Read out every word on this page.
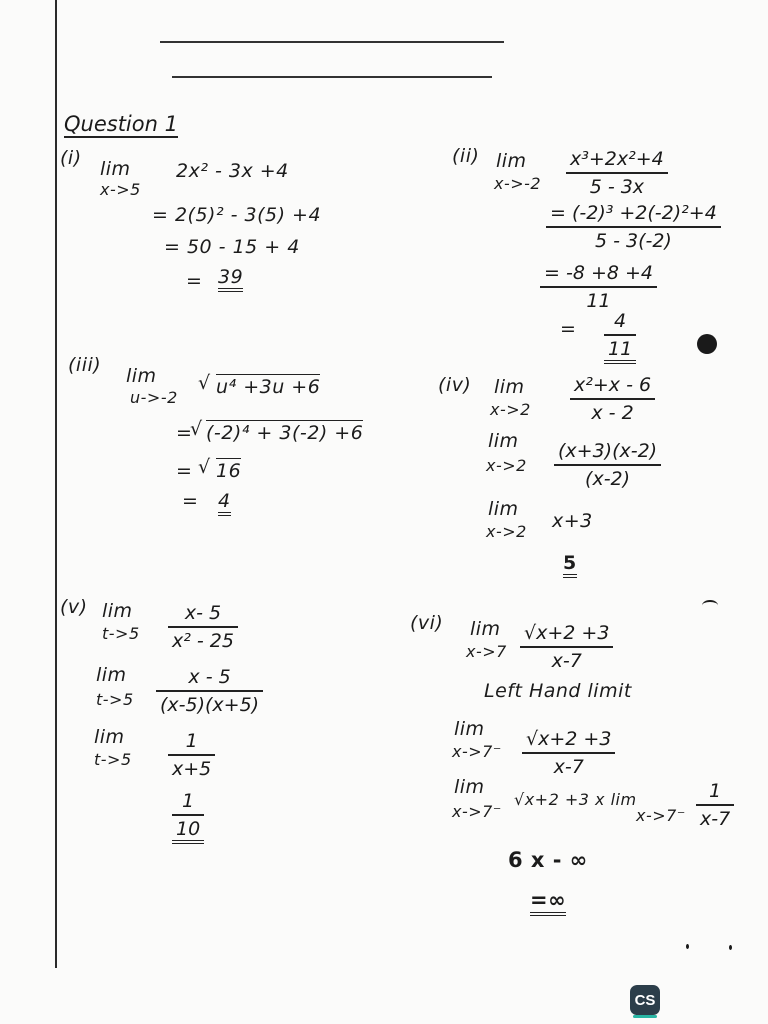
Question 1
(i) lim
x->5
2x² - 3x +4
= 2(5)² - 3(5) +4
= 50 - 15 + 4
= 39
(ii) lim
x->-2
x³+2x²+4
5 - 3x
= (-2)³ +2(-2)²+4
5 - 3(-2)
= -8 +8 +4
11
= 4
11
(iii) lim
u->-2
√ u⁴ +3u +6
=
√ (-2)⁴ + 3(-2) +6
= √ 16
= 4
(iv) lim
x->2
x²+x - 6
x - 2
lim
x->2
(x+3)(x-2)
(x-2)
lim
x->2 x+3
5
(v) lim
t->5
x- 5
x² - 25
lim
t->5
x - 5
(x-5)(x+5)
lim
t->5
1
x+5
1
10
(vi) lim
x->7
√x+2 +3
x-7
Left Hand limit
lim
x->7⁻
√x+2 +3
x-7
lim
x->7⁻
√x+2 +3 x lim
x->7⁻
1
x-7
6 x - ∞
=∞
CS
